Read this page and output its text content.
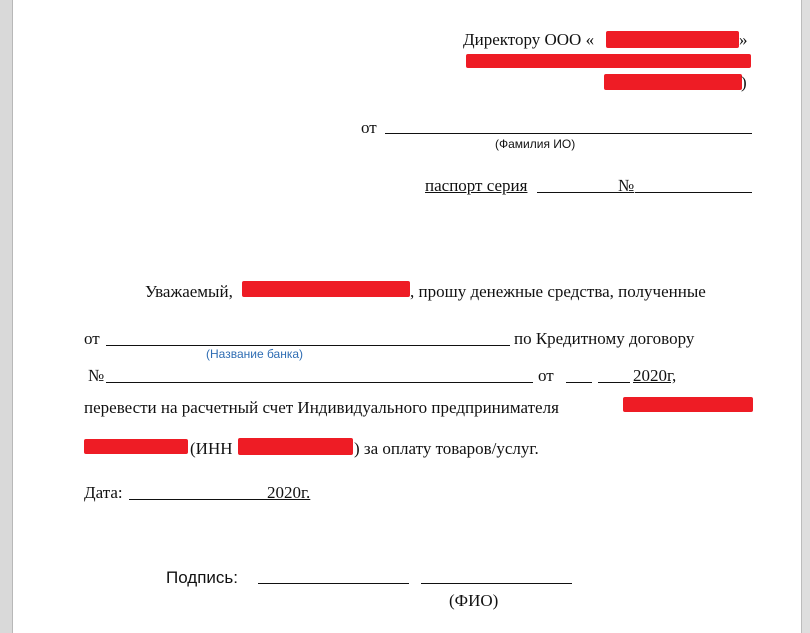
Директору ООО «	»
)
от
(Фамилия ИО)
паспорт серия	№
Уважаемый,	, прошу денежные средства, полученные
от	по Кредитному договору
(Название банка)
№	от	2020г,
перевести на расчетный счет Индивидуального предпринимателя
(ИНН	) за оплату товаров/услуг.
Дата:	2020г.
Подпись:
(ФИО)
